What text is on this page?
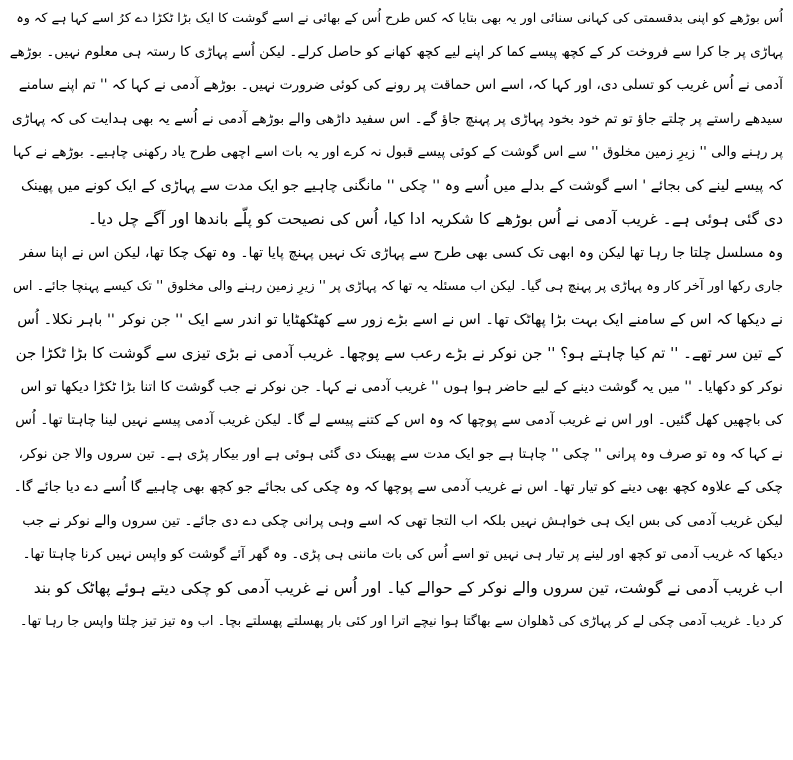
اُس بوڑھے کو اپنی بدقسمتی کی کہانی سنائی اور یہ بھی بتایا کہ کس طرح اُس کے بھائی نے اسے گوشت کا ایک بڑا ٹکڑا دے کرُ اسے کہا ہے کہ وہ
پہاڑی پر جا کرا سے فروخت کر کے کچھ پیسے کما کر اپنے لیے کچھ کھانے کو حاصل کرلے۔ لیکن اُسے پہاڑی کا رستہ ہی معلوم نہیں۔ بوڑھے
آدمی نے اُس غریب کو تسلی دی، اور کہا کہ، اسے اس حماقت پر رونے کی کوئی ضرورت نہیں۔ بوڑھے آدمی نے کہا کہ '' تم اپنے سامنے
سیدھے راستے پر چلتے جاؤ تو تم خود بخود پہاڑی پر پہنچ جاؤ گے۔ اس سفید داڑھی والے بوڑھے آدمی نے اُسے یہ بھی ہدایت کی کہ پہاڑی
پر رہنے والی '' زیرِ زمین مخلوق '' سے اس گوشت کے کوئی پیسے قبول نہ کرے اور یہ بات اسے اچھی طرح یاد رکھنی چاہیے۔ بوڑھے نے کہا
کہ پیسے لینے کی بجائے ' اسے گوشت کے بدلے میں اُسے وہ '' چکی '' مانگنی چاہیے جو ایک مدت سے پہاڑی کے ایک کونے میں پھینک
دی گئی ہوئی ہے۔ غریب آدمی نے اُس بوڑھے کا شکریہ ادا کیا، اُس کی نصیحت کو پلّے باندھا اور آگے چل دیا۔
وہ مسلسل چلتا جا رہا تھا لیکن وہ ابھی تک کسی بھی طرح سے پہاڑی تک نہیں پہنچ پایا تھا۔ وہ تھک چکا تھا، لیکن اس نے اپنا سفر
جاری رکھا اور آخر کار وہ پہاڑی پر پہنچ ہی گیا۔ لیکن اب مسئلہ یہ تھا کہ پہاڑی پر '' زیرِ زمین رہنے والی مخلوق '' تک کیسے پہنچا جائے۔ اس
نے دیکھا کہ اس کے سامنے ایک بہت بڑا پھاٹک تھا۔ اس نے اسے بڑے زور سے کھٹکھٹایا تو اندر سے ایک '' جن نوکر '' باہر نکلا۔ اُس
کے تین سر تھے۔ '' تم کیا چاہتے ہو؟ '' جن نوکر نے بڑے رعب سے پوچھا۔ غریب آدمی نے بڑی تیزی سے گوشت کا بڑا ٹکڑا جن
نوکر کو دکھایا۔ '' میں یہ گوشت دینے کے لیے حاضر ہوا ہوں '' غریب آدمی نے کہا۔ جن نوکر نے جب گوشت کا اتنا بڑا ٹکڑا دیکھا تو اس
کی باچھیں کھل گئیں۔ اور اس نے غریب آدمی سے پوچھا کہ وہ اس کے کتنے پیسے لے گا۔ لیکن غریب آدمی پیسے نہیں لینا چاہتا تھا۔ اُس
نے کہا کہ وہ تو صرف وہ پرانی '' چکی '' چاہتا ہے جو ایک مدت سے پھینک دی گئی ہوئی ہے اور بیکار پڑی ہے۔ تین سروں والا جن نوکر،
چکی کے علاوہ کچھ بھی دینے کو تیار تھا۔ اس نے غریب آدمی سے پوچھا کہ وہ چکی کی بجائے جو کچھ بھی چاہیے گا اُسے دے دیا جائے گا۔
لیکن غریب آدمی کی بس ایک ہی خواہش نہیں بلکہ اب التجا تھی کہ اسے وہی پرانی چکی دے دی جائے۔ تین سروں والے نوکر نے جب
دیکھا کہ غریب آدمی تو کچھ اور لینے پر تیار ہی نہیں تو اسے اُس کی بات ماننی ہی پڑی۔ وہ گھر آئے گوشت کو واپس نہیں کرنا چاہتا تھا۔
اب غریب آدمی نے گوشت، تین سروں والے نوکر کے حوالے کیا۔ اور اُس نے غریب آدمی کو چکی دیتے ہوئے پھاٹک کو بند
کر دیا۔ غریب آدمی چکی لے کر پہاڑی کی ڈھلوان سے بھاگتا ہوا نیچے اترا اور کئی بار پھسلتے پھسلتے بچا۔ اب وہ تیز تیز چلتا واپس جا رہا تھا۔
